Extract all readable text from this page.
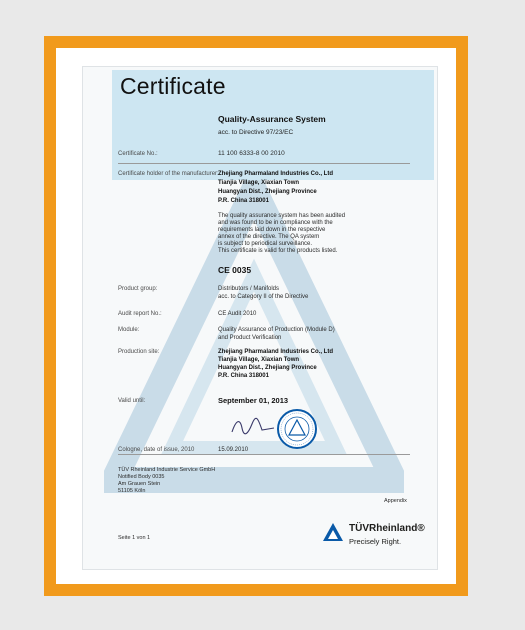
Certificate
Quality-Assurance System
acc. to Directive 97/23/EC
Certificate No.:	11 100 6333-8 00 2010
Certificate holder of the manufacturer: Zhejiang Pharmaland Industries Co., Ltd
Tianjia Village, Xiaxian Town
Huangyan Dist., Zhejiang Province
P.R. China 318001
The quality assurance system has been audited
and was found to be in compliance with the
requirements laid down in the respective
annex of the directive. The QA system
is subject to periodical surveillance.
This certificate is valid for the products listed.
CE 0035
Product group:	Distributors / Manifolds
acc. to Category II of the Directive
Audit report No.:	CE Audit 2010
Module:	Quality Assurance of Production (Module D)
and Product Verification
Production site:	Zhejiang Pharmaland Industries Co., Ltd
Tianjia Village, Xiaxian Town
Huangyan Dist., Zhejiang Province
P.R. China 318001
Valid until:	September 01, 2013
Cologne, date of issue, 2010	15.09.2010
TÜV Rheinland Industrie Service GmbH
Notified Body 0035
Am Grauen Stein
51105 Köln
Appendix
Seite 1 von 1
TÜVRheinland®
Precisely Right.
